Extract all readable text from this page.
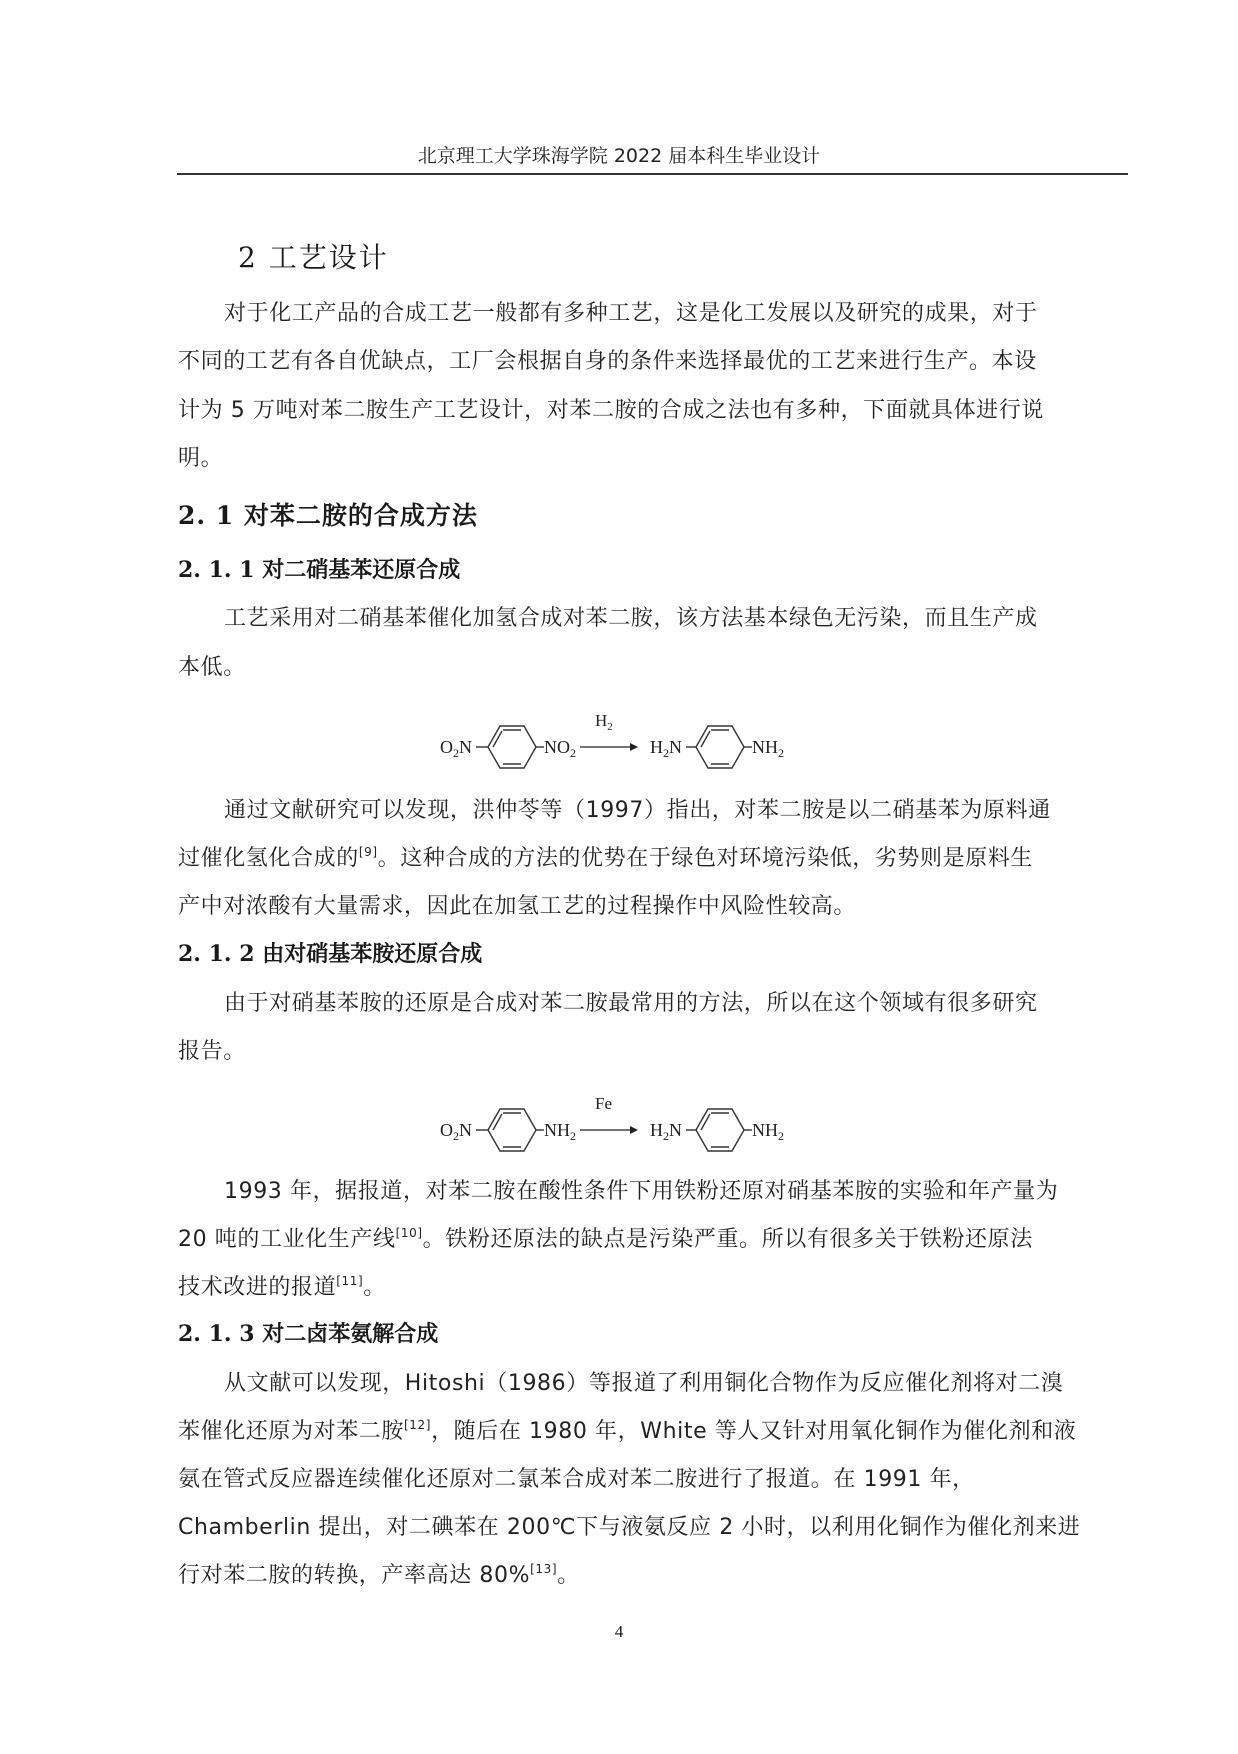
北京理工大学珠海学院 2022 届本科生毕业设计
2 工艺设计
对于化工产品的合成工艺一般都有多种工艺，这是化工发展以及研究的成果，对于
不同的工艺有各自优缺点，工厂会根据自身的条件来选择最优的工艺来进行生产。本设
计为 5 万吨对苯二胺生产工艺设计，对苯二胺的合成之法也有多种，下面就具体进行说
明。
2. 1 对苯二胺的合成方法
2. 1. 1 对二硝基苯还原合成
工艺采用对二硝基苯催化加氢合成对苯二胺，该方法基本绿色无污染，而且生产成
本低。
$O_2N$	$NO_2$
$H_2$
$H_2N$	$NH_2$
通过文献研究可以发现，洪仲苓等（1997）指出，对苯二胺是以二硝基苯为原料通
过催化氢化合成的[9]。这种合成的方法的优势在于绿色对环境污染低，劣势则是原料生
产中对浓酸有大量需求，因此在加氢工艺的过程操作中风险性较高。
2. 1. 2 由对硝基苯胺还原合成
由于对硝基苯胺的还原是合成对苯二胺最常用的方法，所以在这个领域有很多研究
报告。
$O_2N$	$NH_2$
Fe
$H_2N$	$NH_2$
1993 年，据报道，对苯二胺在酸性条件下用铁粉还原对硝基苯胺的实验和年产量为
20 吨的工业化生产线[10]。铁粉还原法的缺点是污染严重。所以有很多关于铁粉还原法
技术改进的报道[11]。
2. 1. 3 对二卤苯氨解合成
从文献可以发现，Hitoshi（1986）等报道了利用铜化合物作为反应催化剂将对二溴
苯催化还原为对苯二胺[12]，随后在 1980 年，White 等人又针对用氧化铜作为催化剂和液
氨在管式反应器连续催化还原对二氯苯合成对苯二胺进行了报道。在 1991 年，
Chamberlin 提出，对二碘苯在 200℃下与液氨反应 2 小时，以利用化铜作为催化剂来进
行对苯二胺的转换，产率高达 80%[13]。
4
